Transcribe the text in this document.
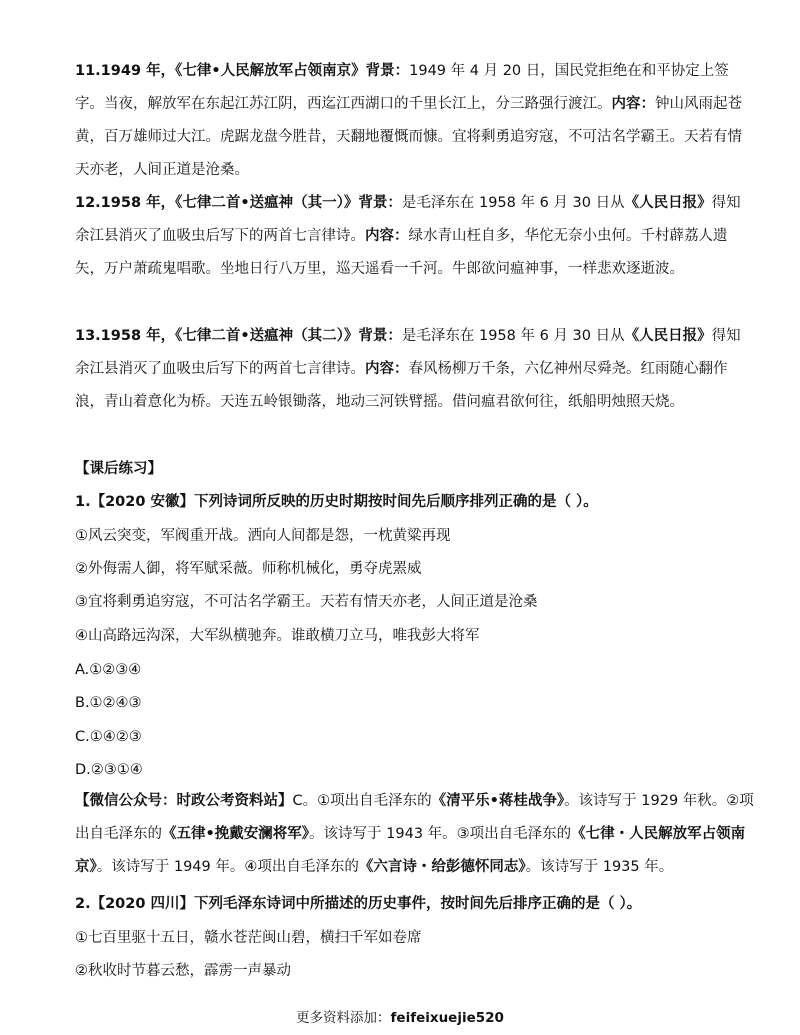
11.1949 年，《七律•人民解放军占领南京》背景：1949 年 4 月 20 日，国民党拒绝在和平协定上签字。当夜，解放军在东起江苏江阴，西迄江西湖口的千里长江上，分三路强行渡江。内容：钟山风雨起苍黄，百万雄师过大江。虎踞龙盘今胜昔，天翻地覆慨而慷。宜将剩勇追穷寇，不可沽名学霸王。天若有情天亦老，人间正道是沧桑。

12.1958 年，《七律二首•送瘟神（其一）》背景：是毛泽东在 1958 年 6 月 30 日从《人民日报》得知余江县消灭了血吸虫后写下的两首七言律诗。内容：绿水青山枉自多，华佗无奈小虫何。千村薜荔人遗矢，万户萧疏鬼唱歌。坐地日行八万里，巡天遥看一千河。牛郎欲问瘟神事，一样悲欢逐逝波。

13.1958 年，《七律二首•送瘟神（其二）》背景：是毛泽东在 1958 年 6 月 30 日从《人民日报》得知余江县消灭了血吸虫后写下的两首七言律诗。内容：春风杨柳万千条，六亿神州尽舜尧。红雨随心翻作浪，青山着意化为桥。天连五岭银锄落，地动三河铁臂摇。借问瘟君欲何往，纸船明烛照天烧。

【课后练习】

1.【2020 安徽】下列诗词所反映的历史时期按时间先后顺序排列正确的是（ ）。

①风云突变，军阀重开战。洒向人间都是怨，一枕黄粱再现

②外侮需人御，将军赋采薇。师称机械化，勇夺虎罴威

③宜将剩勇追穷寇，不可沽名学霸王。天若有情天亦老，人间正道是沧桑

④山高路远沟深，大军纵横驰奔。谁敢横刀立马，唯我彭大将军

A.①②③④

B.①②④③

C.①④②③

D.②③①④

【微信公众号：时政公考资料站】C。①项出自毛泽东的《清平乐•蒋桂战争》。该诗写于 1929 年秋。②项出自毛泽东的《五律•挽戴安澜将军》。该诗写于 1943 年。③项出自毛泽东的《七律・人民解放军占领南京》。该诗写于 1949 年。④项出自毛泽东的《六言诗・给彭德怀同志》。该诗写于 1935 年。

2.【2020 四川】下列毛泽东诗词中所描述的历史事件，按时间先后排序正确的是（ ）。

①七百里驱十五日，赣水苍茫闽山碧，横扫千军如卷席

②秋收时节暮云愁，霹雳一声暴动

更多资料添加：feifeixuejie520
